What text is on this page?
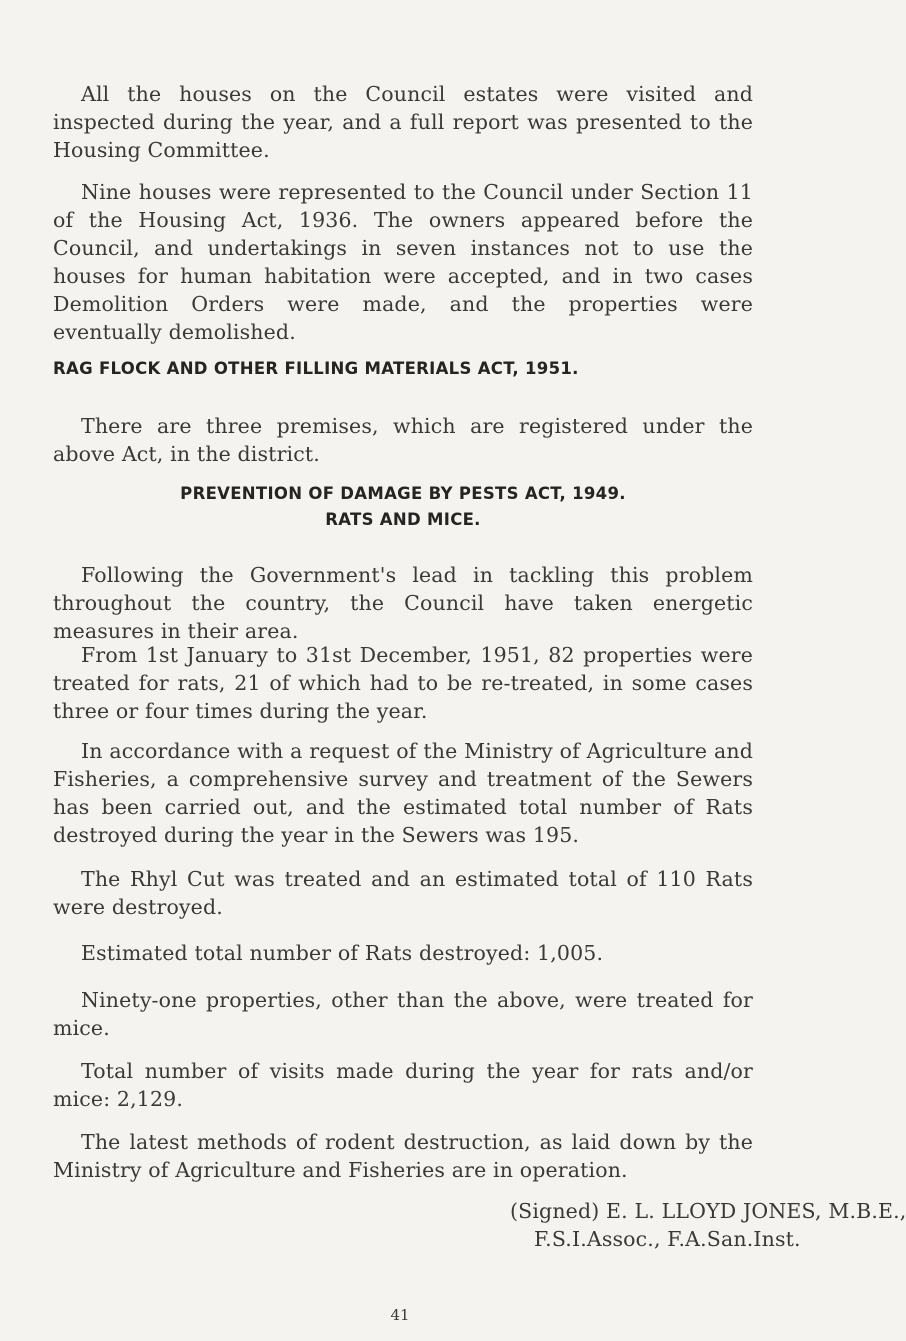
All the houses on the Council estates were visited and inspected during the year, and a full report was presented to the Housing Committee.

Nine houses were represented to the Council under Section 11 of the Housing Act, 1936. The owners appeared before the Council, and undertakings in seven instances not to use the houses for human habitation were accepted, and in two cases Demolition Orders were made, and the properties were eventually demolished.

RAG FLOCK AND OTHER FILLING MATERIALS ACT, 1951.

There are three premises, which are registered under the above Act, in the district.

PREVENTION OF DAMAGE BY PESTS ACT, 1949.
RATS AND MICE.

Following the Government's lead in tackling this problem throughout the country, the Council have taken energetic measures in their area.

From 1st January to 31st December, 1951, 82 properties were treated for rats, 21 of which had to be re-treated, in some cases three or four times during the year.

In accordance with a request of the Ministry of Agriculture and Fisheries, a comprehensive survey and treatment of the Sewers has been carried out, and the estimated total number of Rats destroyed during the year in the Sewers was 195.

The Rhyl Cut was treated and an estimated total of 110 Rats were destroyed.

Estimated total number of Rats destroyed: 1,005.

Ninety-one properties, other than the above, were treated for mice.

Total number of visits made during the year for rats and/or mice: 2,129.

The latest methods of rodent destruction, as laid down by the Ministry of Agriculture and Fisheries are in operation.

(Signed) E. L. LLOYD JONES, M.B.E.,
F.S.I.Assoc., F.A.San.Inst.
41
